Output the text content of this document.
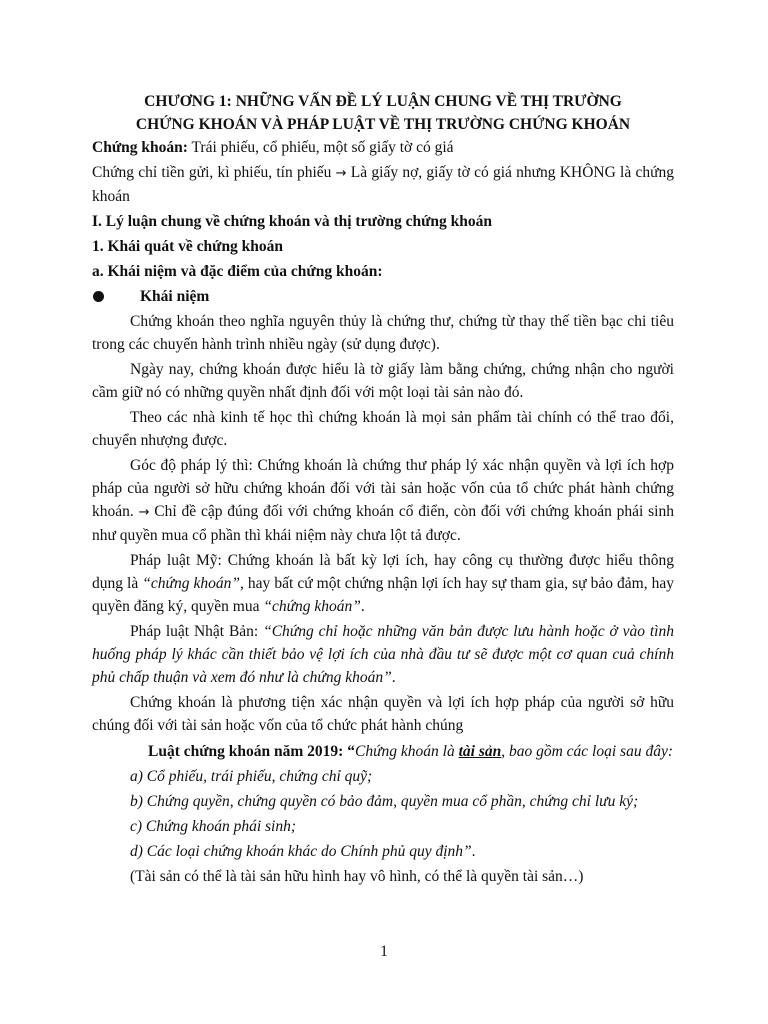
CHƯƠNG 1: NHỮNG VẤN ĐỀ LÝ LUẬN CHUNG VỀ THỊ TRƯỜNG
CHỨNG KHOÁN VÀ PHÁP LUẬT VỀ THỊ TRƯỜNG CHỨNG KHOÁN

Chứng khoán: Trái phiếu, cổ phiếu, một số giấy tờ có giá

Chứng chỉ tiền gửi, kì phiếu, tín phiếu → Là giấy nợ, giấy tờ có giá nhưng KHÔNG là chứng khoán

I. Lý luận chung về chứng khoán và thị trường chứng khoán

1. Khái quát về chứng khoán

a. Khái niệm và đặc điểm của chứng khoán:

Khái niệm

Chứng khoán theo nghĩa nguyên thủy là chứng thư, chứng từ thay thế tiền bạc chi tiêu trong các chuyến hành trình nhiều ngày (sử dụng được).

Ngày nay, chứng khoán được hiểu là tờ giấy làm bằng chứng, chứng nhận cho người cầm giữ nó có những quyền nhất định đối với một loại tài sản nào đó.

Theo các nhà kinh tế học thì chứng khoán là mọi sản phẩm tài chính có thể trao đổi, chuyển nhượng được.

Góc độ pháp lý thì: Chứng khoán là chứng thư pháp lý xác nhận quyền và lợi ích hợp pháp của người sở hữu chứng khoán đối với tài sản hoặc vốn của tổ chức phát hành chứng khoán. → Chỉ đề cập đúng đối với chứng khoán cổ điển, còn đối với chứng khoán phái sinh như quyền mua cổ phần thì khái niệm này chưa lột tả được.

Pháp luật Mỹ: Chứng khoán là bất kỳ lợi ích, hay công cụ thường được hiểu thông dụng là “chứng khoán”, hay bất cứ một chứng nhận lợi ích hay sự tham gia, sự bảo đảm, hay quyền đăng ký, quyền mua “chứng khoán”.

Pháp luật Nhật Bản: “Chứng chỉ hoặc những văn bản được lưu hành hoặc ở vào tình huống pháp lý khác cần thiết bảo vệ lợi ích của nhà đầu tư sẽ được một cơ quan cuả chính phủ chấp thuận và xem đó như là chứng khoán”.

Chứng khoán là phương tiện xác nhận quyền và lợi ích hợp pháp của người sở hữu chúng đối với tài sản hoặc vốn của tổ chức phát hành chúng

Luật chứng khoán năm 2019: “Chứng khoán là tài sản, bao gồm các loại sau đây:

a) Cổ phiếu, trái phiếu, chứng chỉ quỹ;

b) Chứng quyền, chứng quyền có bảo đảm, quyền mua cổ phần, chứng chỉ lưu ký;

c) Chứng khoán phái sinh;

d) Các loại chứng khoán khác do Chính phủ quy định”.

(Tài sản có thể là tài sản hữu hình hay vô hình, có thể là quyền tài sản…)

1
